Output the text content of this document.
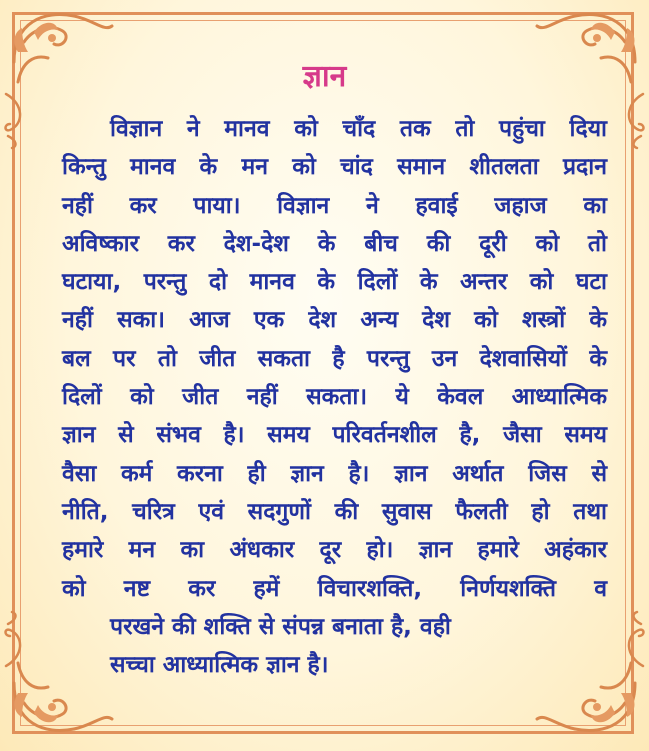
ज्ञान
विज्ञान ने मानव को चाँद तक तो पहुंचा दिया
किन्तु मानव के मन को चांद समान शीतलता प्रदान
नहीं कर पाया। विज्ञान ने हवाई जहाज का
अविष्कार कर देश-देश के बीच की दूरी को तो
घटाया, परन्तु दो मानव के दिलों के अन्तर को घटा
नहीं सका। आज एक देश अन्य देश को शस्त्रों के
बल पर तो जीत सकता है परन्तु उन देशवासियों के
दिलों को जीत नहीं सकता। ये केवल आध्यात्मिक
ज्ञान से संभव है। समय परिवर्तनशील है, जैसा समय
वैसा कर्म करना ही ज्ञान है। ज्ञान अर्थात जिस से
नीति, चरित्र एवं सदगुणों की सुवास फैलती हो तथा
हमारे मन का अंधकार दूर हो। ज्ञान हमारे अहंकार
को नष्ट कर हमें विचारशक्ति, निर्णयशक्ति व
परखने की शक्ति से संपन्न बनाता है, वही
सच्चा आध्यात्मिक ज्ञान है।
